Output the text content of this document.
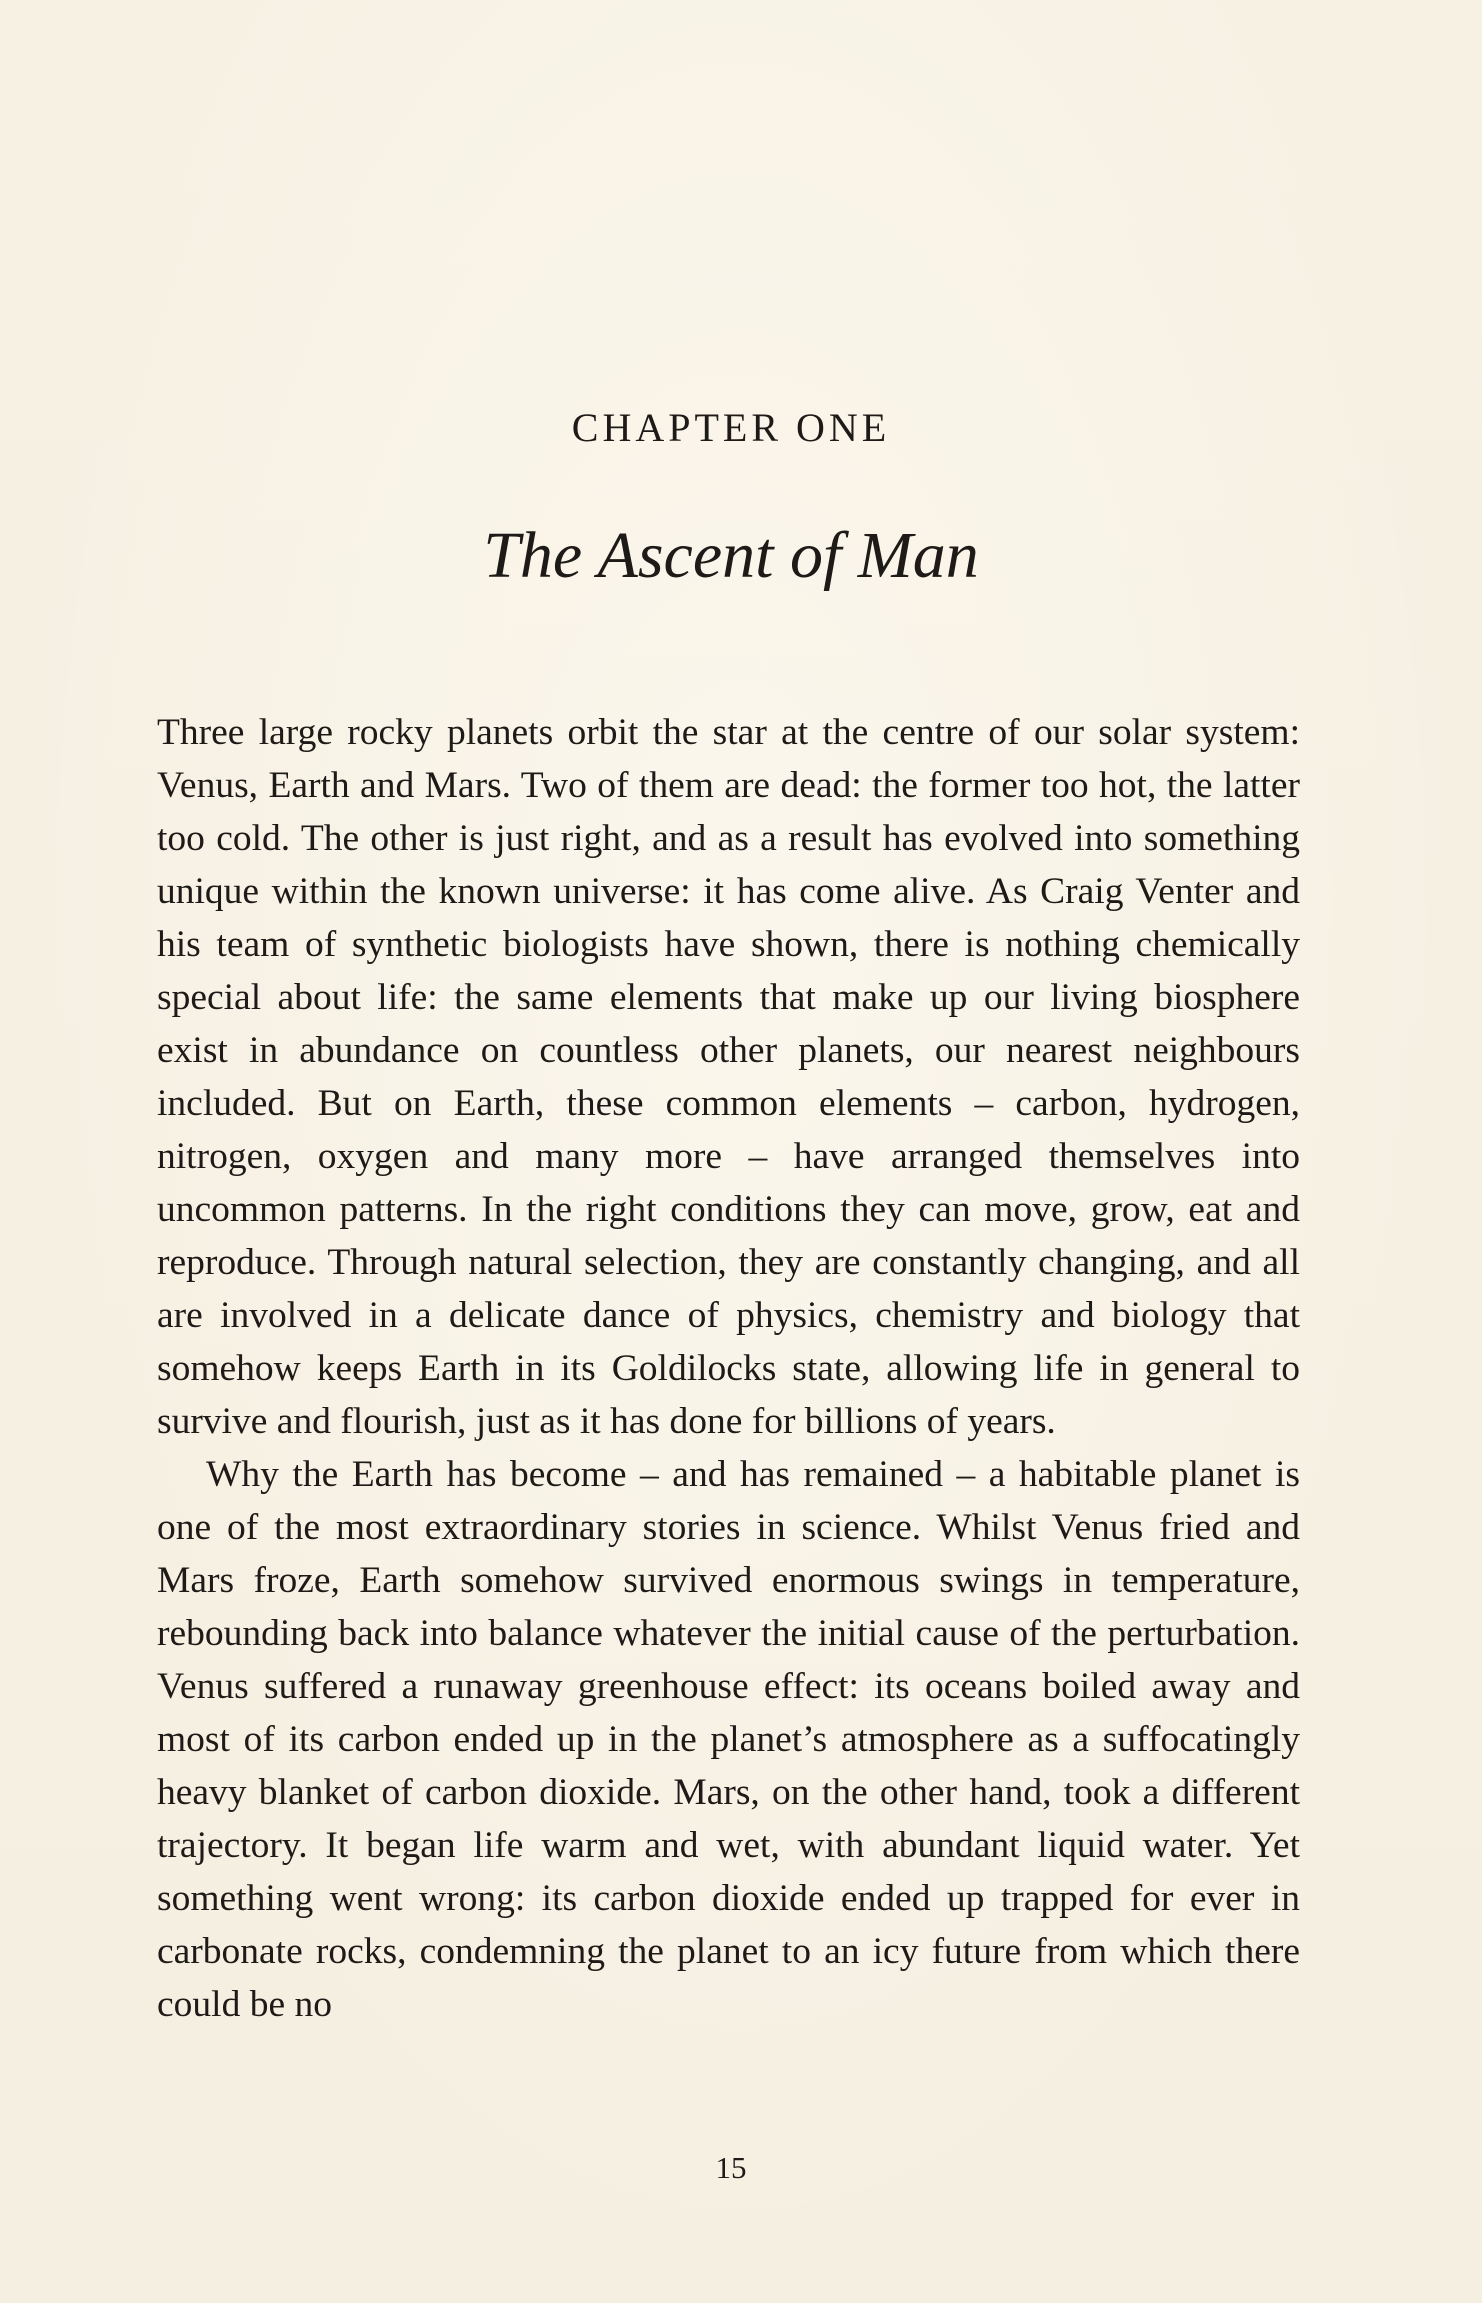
CHAPTER ONE
The Ascent of Man

Three large rocky planets orbit the star at the centre of our solar system: Venus, Earth and Mars. Two of them are dead: the former too hot, the latter too cold. The other is just right, and as a result has evolved into something unique within the known universe: it has come alive. As Craig Venter and his team of synthetic biologists have shown, there is nothing chemically special about life: the same elements that make up our living biosphere exist in abundance on countless other planets, our nearest neighbours included. But on Earth, these common elements – carbon, hydrogen, nitrogen, oxygen and many more – have arranged themselves into uncommon patterns. In the right conditions they can move, grow, eat and reproduce. Through natural selection, they are constantly changing, and all are involved in a delicate dance of physics, chemistry and biology that somehow keeps Earth in its Goldilocks state, allowing life in general to survive and flourish, just as it has done for billions of years.

Why the Earth has become – and has remained – a habitable planet is one of the most extraordinary stories in science. Whilst Venus fried and Mars froze, Earth somehow survived enormous swings in temperature, rebounding back into balance whatever the initial cause of the perturbation. Venus suffered a runaway greenhouse effect: its oceans boiled away and most of its carbon ended up in the planet’s atmosphere as a suffocatingly heavy blanket of carbon dioxide. Mars, on the other hand, took a different trajectory. It began life warm and wet, with abundant liquid water. Yet something went wrong: its carbon dioxide ended up trapped for ever in carbonate rocks, condemning the planet to an icy future from which there could be no

15
